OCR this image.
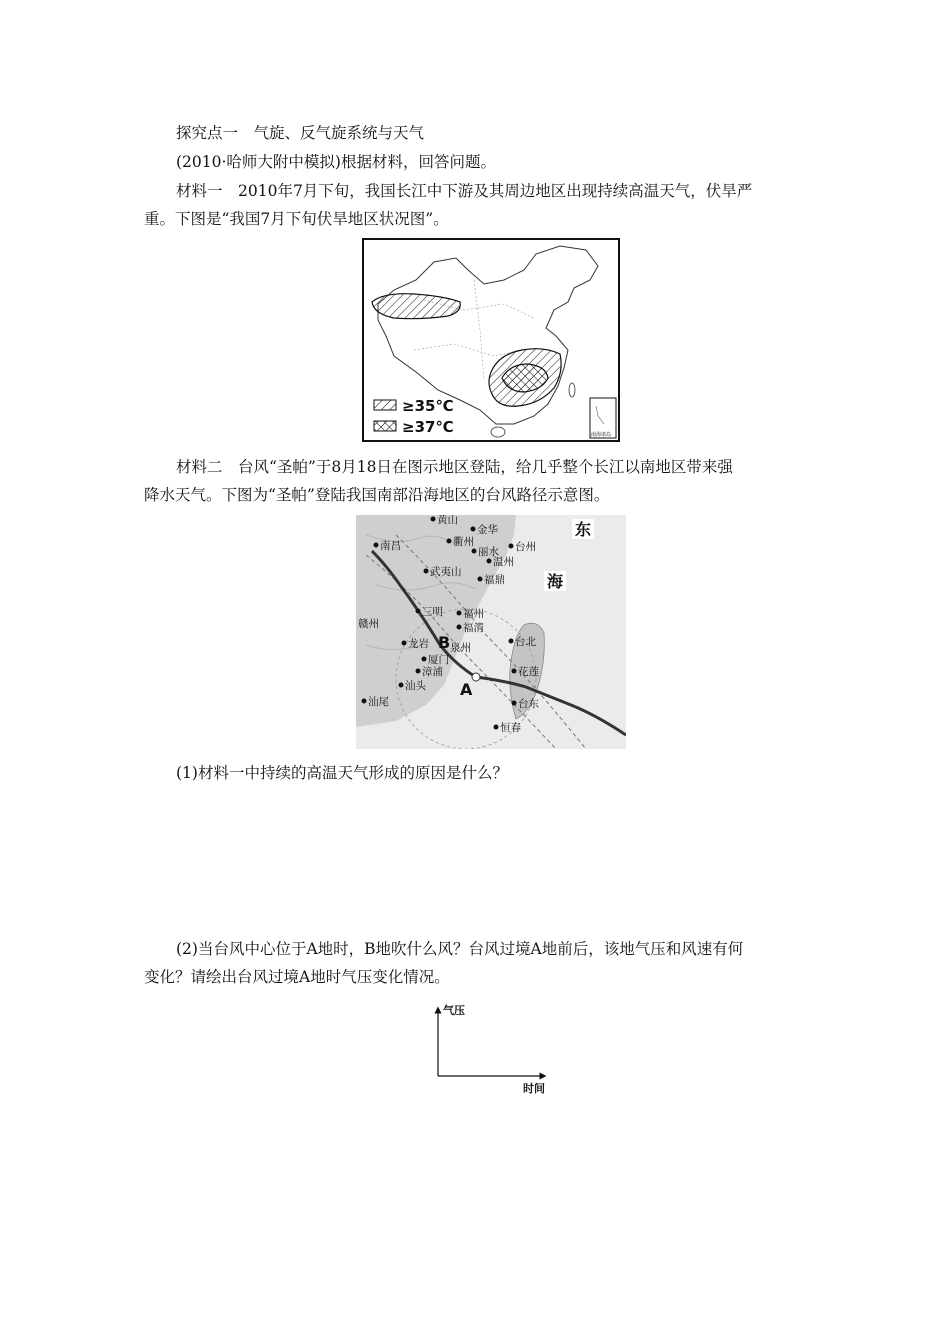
探究点一　气旋、反气旋系统与天气
(2010·哈师大附中模拟)根据材料，回答问题。
材料一　2010年7月下旬，我国长江中下游及其周边地区出现持续高温天气，伏旱严
重。下图是“我国7月下旬伏旱地区状况图”。
≥35℃
≥37℃	南海诸岛
材料二　台风“圣帕”于8月18日在图示地区登陆，给几乎整个长江以南地区带来强
降水天气。下图为“圣帕”登陆我国南部沿海地区的台风路径示意图。
东
海
A
B
黄山
金华
衢州
南昌	丽水 台州
温州
武夷山
福鼎
三明 福州
赣州	福清
龙岩 泉州	台北
厦门
漳浦	花莲
汕头
台东
汕尾
恒春
(1)材料一中持续的高温天气形成的原因是什么？
(2)当台风中心位于A地时，B地吹什么风？台风过境A地前后，该地气压和风速有何
变化？请绘出台风过境A地时气压变化情况。
气压
时间
